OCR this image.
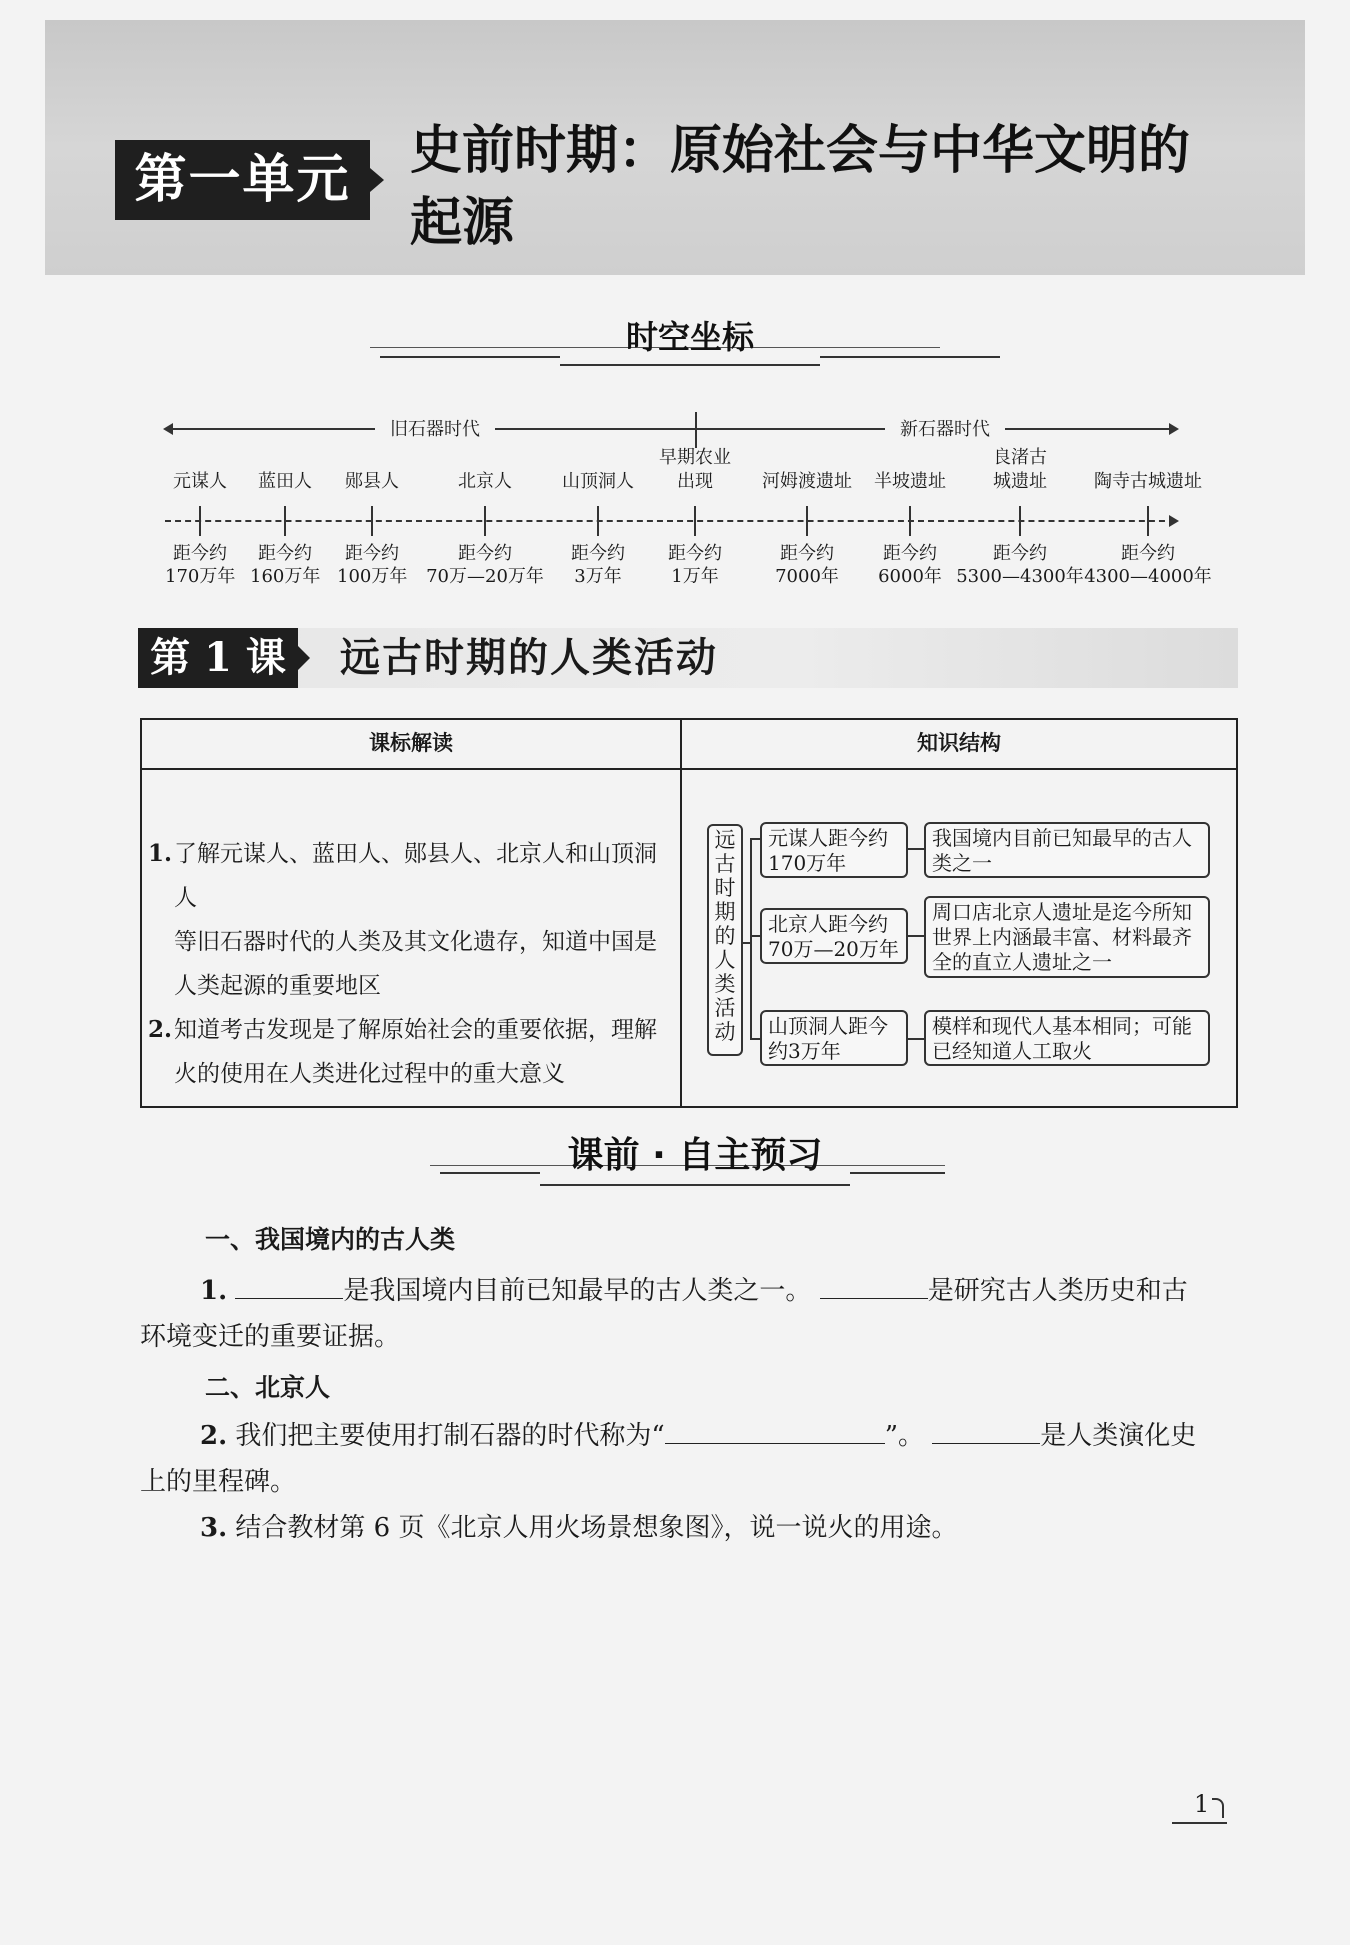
第一单元	史前时期：原始社会与中华文明的
起源
时空坐标
旧石器时代	新石器时代
元谋人
距今约
170万年
蓝田人
距今约
160万年
郧县人
距今约
100万年
北京人
距今约
70万—20万年
山顶洞人
距今约
3万年
早期农业
出现
距今约
1万年
河姆渡遗址
距今约
7000年
半坡遗址
距今约
6000年
良渚古
城遗址
距今约
5300—4300年
陶寺古城遗址
距今约
4300—4000年
第 1 课	远古时期的人类活动
课标解读	知识结构
1. 了解元谋人、蓝田人、郧县人、北京人和山顶洞人
等旧石器时代的人类及其文化遗存，知道中国是
人类起源的重要地区
2. 知道考古发现是了解原始社会的重要依据，理解
火的使用在人类进化过程中的重大意义
远古时期的人类活动
元谋人距今约170万年
我国境内目前已知最早的古人类之一
北京人距今约70万—20万年
周口店北京人遗址是迄今所知世界上内涵最丰富、材料最齐全的直立人遗址之一
山顶洞人距今约3万年
模样和现代人基本相同；可能已经知道人工取火
课前 · 自主预习
一、我国境内的古人类
1.	是我国境内目前已知最早的古人类之一。	是研究古人类历史和古
环境变迁的重要证据。
二、北京人
2. 我们把主要使用打制石器的时代称为“	”。	是人类演化史
上的里程碑。
3. 结合教材第 6 页《北京人用火场景想象图》，说一说火的用途。
1
